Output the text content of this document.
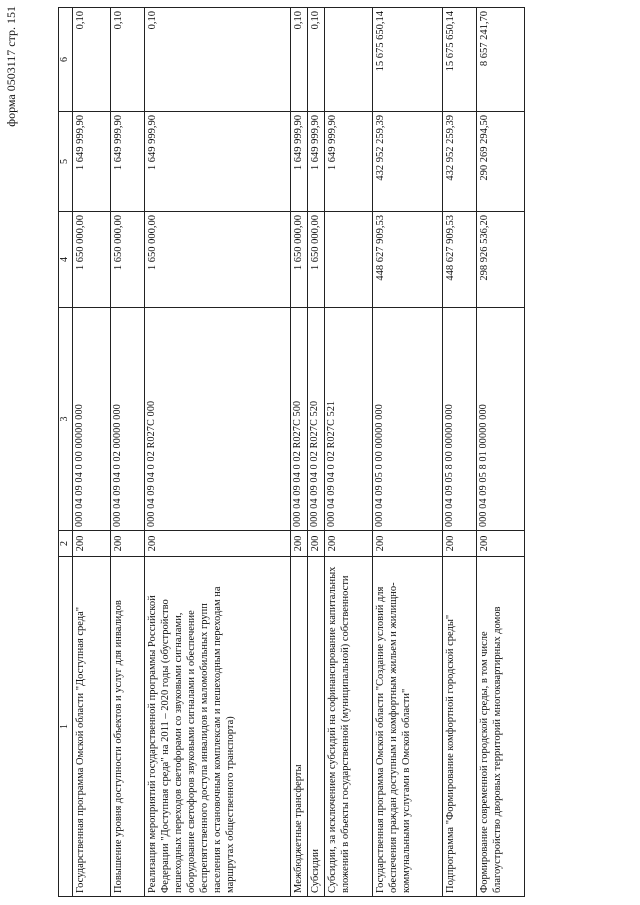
форма 0503117 стр. 151
1	2	3	4	5	6
Государственная программа Омской области "Доступная среда"	200	000 04 09 04 0 00 00000 000	1 650 000,00	1 649 999,90	0,10
Повышение уровня доступности объектов и услуг для инвалидов	200	000 04 09 04 0 02 00000 000	1 650 000,00	1 649 999,90	0,10
Реализация мероприятий государственной программы Российской Федерации "Доступная среда" на 2011 – 2020 годы (обустройство пешеходных переходов светофорами со звуковыми сигналами, оборудование светофоров звуковыми сигналами и обеспечение беспрепятственного доступа инвалидов и маломобильных групп населения к остановочным комплексам и пешеходным переходам на маршрутах общественного транспорта)	200	000 04 09 04 0 02 R027C 000	1 650 000,00	1 649 999,90	0,10
Межбюджетные трансферты	200	000 04 09 04 0 02 R027C 500	1 650 000,00	1 649 999,90	0,10
Субсидии	200	000 04 09 04 0 02 R027C 520	1 650 000,00	1 649 999,90	0,10
Субсидии, за исключением субсидий на софинансирование капитальных вложений в объекты государственной (муниципальной) собственности	200	000 04 09 04 0 02 R027C 521		1 649 999,90	
Государственная программа Омской области "Создание условий для обеспечения граждан доступным и комфортным жильем и жилищно-коммунальными услугами в Омской области"	200	000 04 09 05 0 00 00000 000	448 627 909,53	432 952 259,39	15 675 650,14
Подпрограмма "Формирование комфортной городской среды"	200	000 04 09 05 8 00 00000 000	448 627 909,53	432 952 259,39	15 675 650,14
Формирование современной городской среды, в том числе благоустройство дворовых территорий многоквартирных домов	200	000 04 09 05 8 01 00000 000	298 926 536,20	290 269 294,50	8 657 241,70
